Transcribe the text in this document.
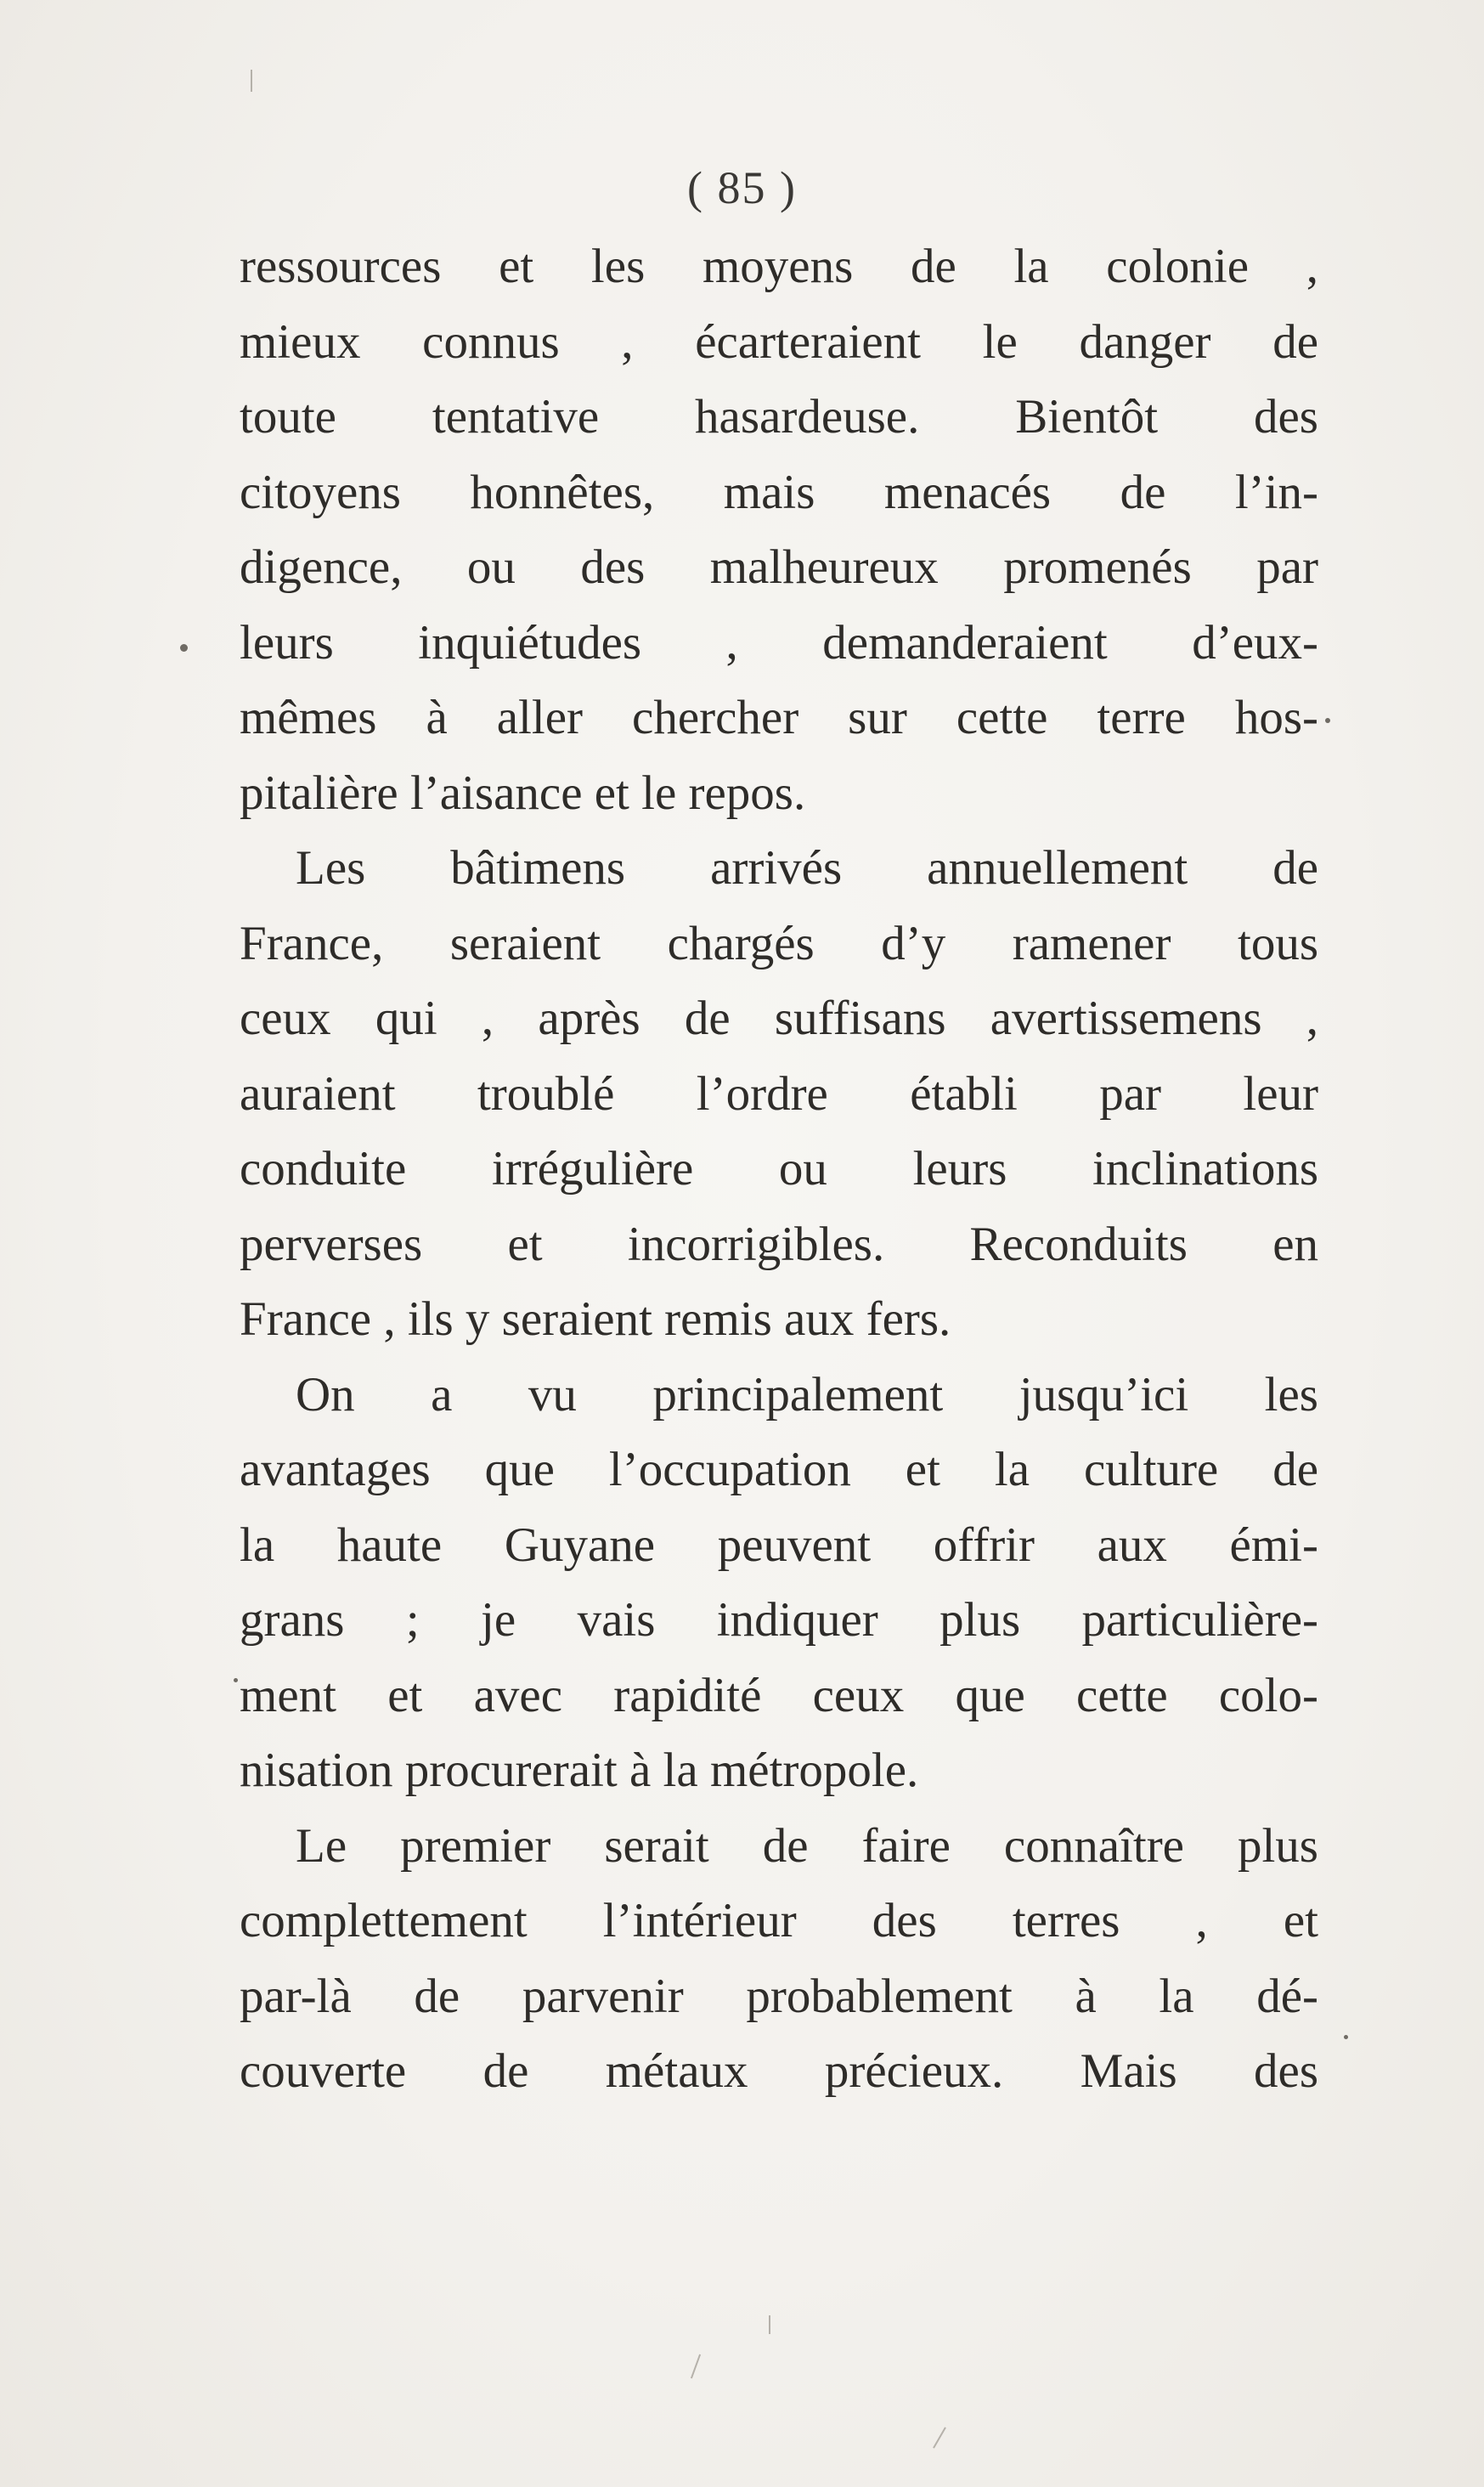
( 85 )
ressources et les moyens de la colonie ,
mieux connus , écarteraient le danger de
toute tentative hasardeuse. Bientôt des
citoyens honnêtes, mais menacés de l’in-
digence, ou des malheureux promenés par
leurs inquiétudes , demanderaient d’eux-
mêmes à aller chercher sur cette terre hos-
pitalière l’aisance et le repos.
Les bâtimens arrivés annuellement de
France, seraient chargés d’y ramener tous
ceux qui , après de suffisans avertissemens ,
auraient troublé l’ordre établi par leur
conduite irrégulière ou leurs inclinations
perverses et incorrigibles. Reconduits en
France , ils y seraient remis aux fers.
On a vu principalement jusqu’ici les
avantages que l’occupation et la culture de
la haute Guyane peuvent offrir aux émi-
grans ; je vais indiquer plus particulière-
ment et avec rapidité ceux que cette colo-
nisation procurerait à la métropole.
Le premier serait de faire connaître plus
complettement l’intérieur des terres , et
par-là de parvenir probablement à la dé-
couverte de métaux précieux. Mais des
